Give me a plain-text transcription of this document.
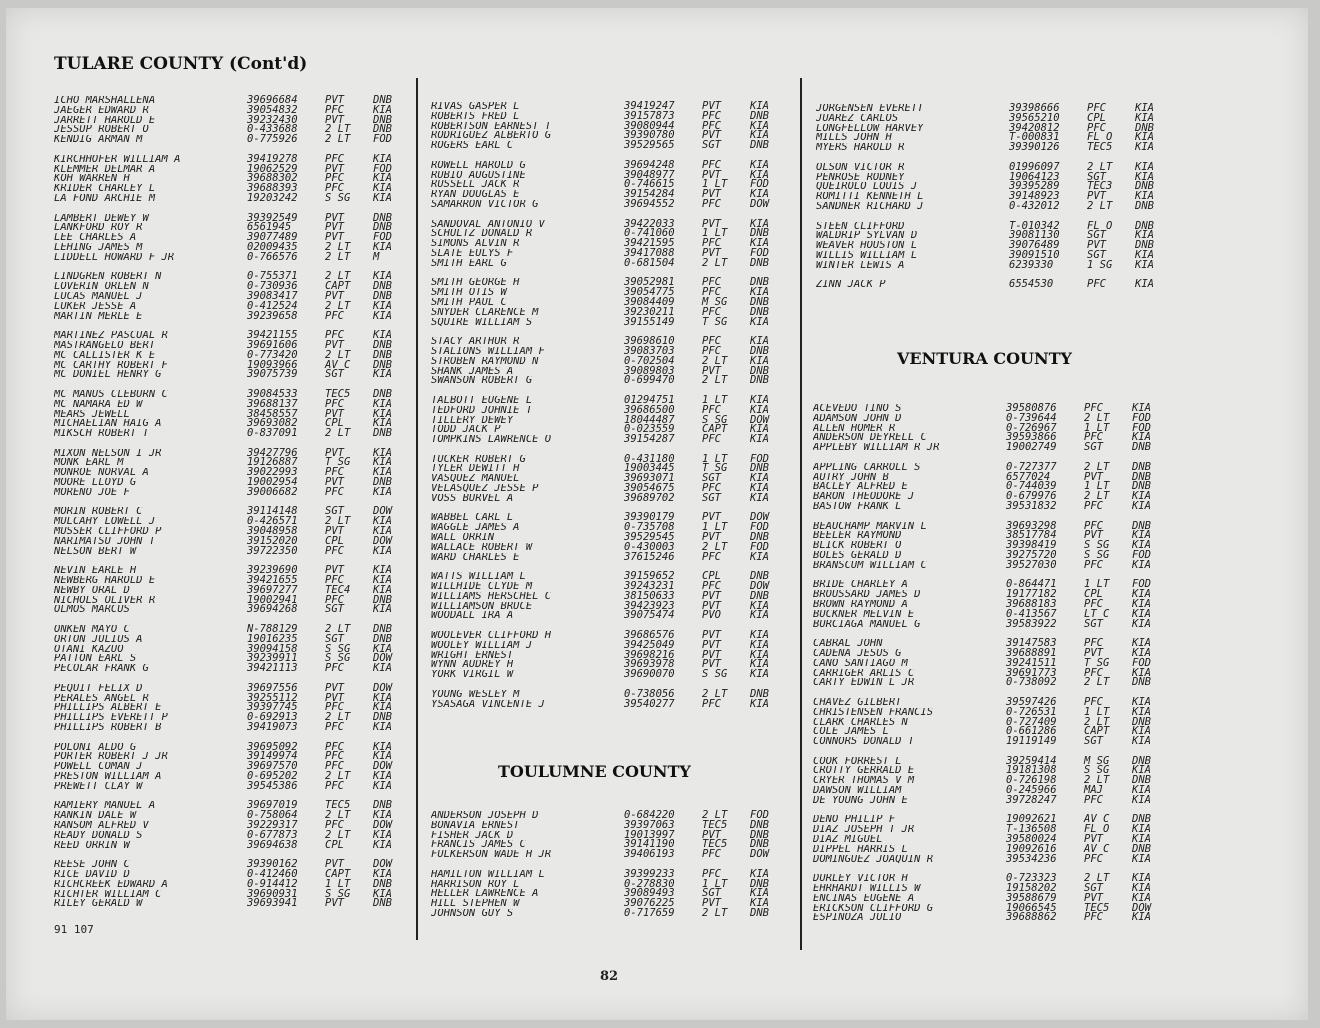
TULARE COUNTY (Cont'd)
ICHO MARSHALLENA	39696684	PVT	DNB
JAEGER EDWARD R	39054832	PFC	KIA
JARRETT HAROLD E	39232430	PVT	DNB
JESSUP ROBERT O	0-433688	2 LT	DNB
KENDIG ARMAN M	0-775926	2 LT	FOD
KIRCHHOFER WILLIAM A	39419278	PFC	KIA
KLEMMER DELMAR A	19062529	PVT	FOD
KOH WARREN H	39688302	PFC	KIA
KRIDER CHARLEY L	39688393	PFC	KIA
LA FOND ARCHIE M	19203242	S SG	KIA
LAMBERT DEWEY W	39392549	PVT	DNB
LANKFORD ROY R	6561945	PVT	DNB
LEE CHARLES A	39077489	PVT	FOD
LEHING JAMES M	02009435	2 LT	KIA
LIDDELL HOWARD F JR	0-766576	2 LT	M
LINDGREN ROBERT N	0-755371	2 LT	KIA
LOVERIN ORLEN N	0-730936	CAPT	DNB
LUCAS MANUEL J	39083417	PVT	DNB
LUKER JESSE A	0-412524	2 LT	KIA
MARTIN MERLE E	39239658	PFC	KIA
MARTINEZ PASCUAL R	39421155	PFC	KIA
MASTRANGELO BERT	39691606	PVT	DNB
MC CALLISTER K E	0-773420	2 LT	DNB
MC CARTHY ROBERT F	19093966	AV C	DNB
MC DONIEL HENRY G	39075739	SGT	KIA
MC MANUS CLEBURN C	39084533	TEC5	DNB
MC NAMARA ED W	39688137	PFC	KIA
MEARS JEWELL	38458557	PVT	KIA
MICHAELIAN HAIG A	39693082	CPL	KIA
MIKSCH ROBERT T	0-837091	2 LT	DNB
MIXON NELSON I JR	39427796	PVT	KIA
MONK EARL M	19126887	T SG	KIA
MONROE NORVAL A	39022993	PFC	KIA
MOORE LLOYD G	19002954	PVT	DNB
MORENO JOE F	39006682	PFC	KIA
MORIN ROBERT C	39114148	SGT	DOW
MULCAHY LOWELL J	0-426571	2 LT	KIA
MUSSER CLIFFORD P	39048958	PVT	KIA
NARIMATSU JOHN T	39152020	CPL	DOW
NELSON BERT W	39722350	PFC	KIA
NEVIN EARLE H	39239690	PVT	KIA
NEWBERG HAROLD E	39421655	PFC	KIA
NEWBY ORAL D	39697277	TEC4	KIA
NICHOLS OLIVER R	19002941	PFC	DNB
OLMOS MARCUS	39694268	SGT	KIA
ONKEN MAYO C	N-788129	2 LT	DNB
ORTON JULIUS A	19016235	SGT	DNB
OTANI KAZUO	39094158	S SG	KIA
PATTON EARL S	39239911	S SG	DOW
PECOLAR FRANK G	39421113	PFC	KIA
PEQUIT FELIX D	39697556	PVT	DOW
PERALES ANGEL R	39255112	PVT	KIA
PHILLIPS ALBERT E	39397745	PFC	KIA
PHILLIPS EVERETT P	0-692913	2 LT	DNB
PHILLIPS ROBERT B	39419073	PFC	KIA
POLONI ALDO G	39695092	PFC	KIA
PORTER ROBERT J JR	39149974	PFC	KIA
POWELL COMAN J	39697570	PFC	DOW
PRESTON WILLIAM A	0-695202	2 LT	KIA
PREWETT CLAY W	39545386	PFC	KIA
RAMIERY MANUEL A	39697019	TEC5	DNB
RANKIN DALE W	0-758064	2 LT	KIA
RANSOM ALFRED V	39229317	PFC	DOW
READY DONALD S	0-677873	2 LT	KIA
REED ORRIN W	39694638	CPL	KIA
REESE JOHN C	39390162	PVT	DOW
RICE DAVID D	0-412460	CAPT	KIA
RICHCREEK EDWARD A	0-914412	1 LT	DNB
RICHTER WILLIAM C	39690931	S SG	KIA
RILEY GERALD W	39693941	PVT	DNB
RIVAS GASPER L	39419247	PVT	KIA
ROBERTS FRED L	39157873	PFC	DNB
ROBERTSON EARNEST T	39080944	PFC	KIA
RODRIGUEZ ALBERTO G	39390780	PVT	KIA
ROGERS EARL C	39529565	SGT	DNB
ROWELL HAROLD G	39694248	PFC	KIA
RUBIO AUGUSTINE	39048977	PVT	KIA
RUSSELL JACK R	0-746615	1 LT	FOD
RYAN DOUGLAS E	39154284	PVT	KIA
SAMARRON VICTOR G	39694552	PFC	DOW
SANDOVAL ANTONIO V	39422033	PVT	KIA
SCHULTZ DONALD R	0-741060	1 LT	DNB
SIMONS ALVIN R	39421595	PFC	KIA
SLATE EULYS F	39417088	PVT	FOD
SMITH EARL G	0-681504	2 LT	DNB
SMITH GEORGE H	39052981	PFC	DNB
SMITH OTIS W	39054775	PFC	KIA
SMITH PAUL C	39084409	M SG	DNB
SNYDER CLARENCE M	39230211	PFC	DNB
SQUIRE WILLIAM S	39155149	T SG	KIA
STACY ARTHUR R	39698610	PFC	KIA
STALIONS WILLIAM F	39083703	PFC	DNB
STROBEN RAYMOND N	0-702504	2 LT	KIA
SHANK JAMES A	39089803	PVT	DNB
SWANSON ROBERT G	0-699470	2 LT	DNB
TALBOTT EUGENE L	01294751	1 LT	KIA
TEDFORD JOHNIE T	39686500	PFC	KIA
TILLERY DEWEY	18044487	S SG	DOW
TODD JACK P	0-023559	CAPT	KIA
TOMPKINS LAWRENCE O	39154287	PFC	KIA
TUCKER ROBERT G	0-431180	1 LT	FOD
TYLER DEWITT H	19003445	T SG	DNB
VASQUEZ MANUEL	39693071	SGT	KIA
VELASQUEZ JESSE P	39054675	PFC	KIA
VOSS BURVEL A	39689702	SGT	KIA
WABBEL CARL L	39390179	PVT	DOW
WAGGLE JAMES A	0-735708	1 LT	FOD
WALL ORRIN	39529545	PVT	DNB
WALLACE ROBERT W	0-430003	2 LT	FOD
WARD CHARLES E	37615246	PFC	KIA
WATTS WILLIAM L	39159652	CPL	DNB
WILLHIDE CLYDE M	39243231	PFC	DOW
WILLIAMS HERSCHEL C	38150633	PVT	DNB
WILLIAMSON BRUCE	39423923	PVT	KIA
WOODALL IRA A	39075474	PVO	KIA
WOOLEVER CLIFFORD H	39686576	PVT	KIA
WOOLEY WILLIAM J	39425049	PVT	KIA
WRIGHT ERNEST	39698216	PVT	KIA
WYNN AUDREY H	39693978	PVT	KIA
YORK VIRGIL W	39690070	S SG	KIA
YOUNG WESLEY M	0-738056	2 LT	DNB
YSASAGA VINCENTE J	39540277	PFC	KIA
TOULUMNE COUNTY
ANDERSON JOSEPH D	0-684220	2 LT	FOD
BONAVIA ERNEST	39397063	TEC5	DNB
FISHER JACK D	19013997	PVT	DNB
FRANCIS JAMES C	39141190	TEC5	DNB
FULKERSON WADE H JR	39406193	PFC	DOW
HAMILTON WILLIAM L	39399233	PFC	KIA
HARRISON ROY L	0-278830	1 LT	DNB
HELLER LAWRENCE A	39089493	SGT	KIA
HILL STEPHEN W	39076225	PVT	KIA
JOHNSON GUY S	0-717659	2 LT	DNB
JORGENSEN EVERETT	39398666	PFC	KIA
JUAREZ CARLOS	39565210	CPL	KIA
LONGFELLOW HARVEY	39420812	PFC	DNB
MILLS JOHN H	T-000831	FL O	KIA
MYERS HAROLD R	39390126	TEC5	KIA
OLSON VICTOR R	01996097	2 LT	KIA
PENROSE RODNEY	19064123	SGT	KIA
QUEIROLO LOUIS J	39395289	TEC3	DNB
ROMITTI KENNETH L	39148923	PVT	KIA
SANDNER RICHARD J	0-432012	2 LT	DNB
STEEN CLIFFORD	T-010342	FL O	DNB
WALDRIP SYLVAN D	39081130	SGT	KIA
WEAVER HOUSTON L	39076489	PVT	DNB
WILLIS WILLIAM L	39091510	SGT	KIA
WINTER LEWIS A	6239330	1 SG	KIA
ZINN JACK P	6554530	PFC	KIA
VENTURA COUNTY
ACEVEDO TINO S	39580876	PFC	KIA
ADAMSON JOHN D	0-739644	2 LT	FOD
ALLEN HOMER R	0-726967	1 LT	FOD
ANDERSON DEYRELL C	39593866	PFC	KIA
APPLEBY WILLIAM R JR	19002749	SGT	DNB
APPLING CARROLL S	0-727377	2 LT	DNB
AUTRY JOHN B	6577024	PVT	DNB
BACLEY ALFRED E	0-744039	1 LT	DNB
BARON THEODORE J	0-679976	2 LT	KIA
BASTOW FRANK L	39531832	PFC	KIA
BEAUCHAMP MARVIN L	39693298	PFC	DNB
BEELER RAYMOND	38517784	PVT	KIA
BLICK ROBERT O	39398419	S SG	KIA
BOLES GERALD D	39275720	S SG	FOD
BRANSCUM WILLIAM C	39527030	PFC	KIA
BRIDE CHARLEY A	0-864471	1 LT	FOD
BROUSSARD JAMES D	19177182	CPL	KIA
BROWN RAYMOND A	39688183	PFC	KIA
BUCKNER MELVIN E	0-413567	LT C	KIA
BURCIAGA MANUEL G	39583922	SGT	KIA
CABRAL JOHN	39147583	PFC	KIA
CADENA JESUS G	39688891	PVT	KIA
CANO SANTIAGO M	39241511	T SG	FOD
CARRIGER ARLIS C	39691773	PFC	KIA
CARTY EDWIN L JR	0-738092	2 LT	DNB
CHAVEZ GILBERT	39597426	PFC	KIA
CHRISTENSEN FRANCIS	0-726531	1 LT	KIA
CLARK CHARLES N	0-727409	2 LT	DNB
COLE JAMES L	0-661286	CAPT	KIA
CONNORS DONALD T	19119149	SGT	KIA
COOK FORREST L	39259414	M SG	DNB
CROTTY GERRALD E	19181308	S SG	KIA
CRYER THOMAS V M	0-726198	2 LT	DNB
DAWSON WILLIAM	0-245966	MAJ	KIA
DE YOUNG JOHN E	39728247	PFC	KIA
DENO PHILIP F	19092621	AV C	DNB
DIAZ JOSEPH T JR	T-136508	FL O	KIA
DIAZ MIGUEL	39580024	PVT	KIA
DIPPEL HARRIS L	19092616	AV C	DNB
DOMINGUEZ JOAQUIN R	39534236	PFC	KIA
DURLEY VICTOR H	0-723323	2 LT	KIA
EHRHARDT WILLIS W	19158202	SGT	KIA
ENCINAS EUGENE A	39588679	PVT	KIA
ERICKSON CLIFFORD G	19066545	TEC5	DOW
ESPINOZA JULIO	39688862	PFC	KIA
91 107
82
